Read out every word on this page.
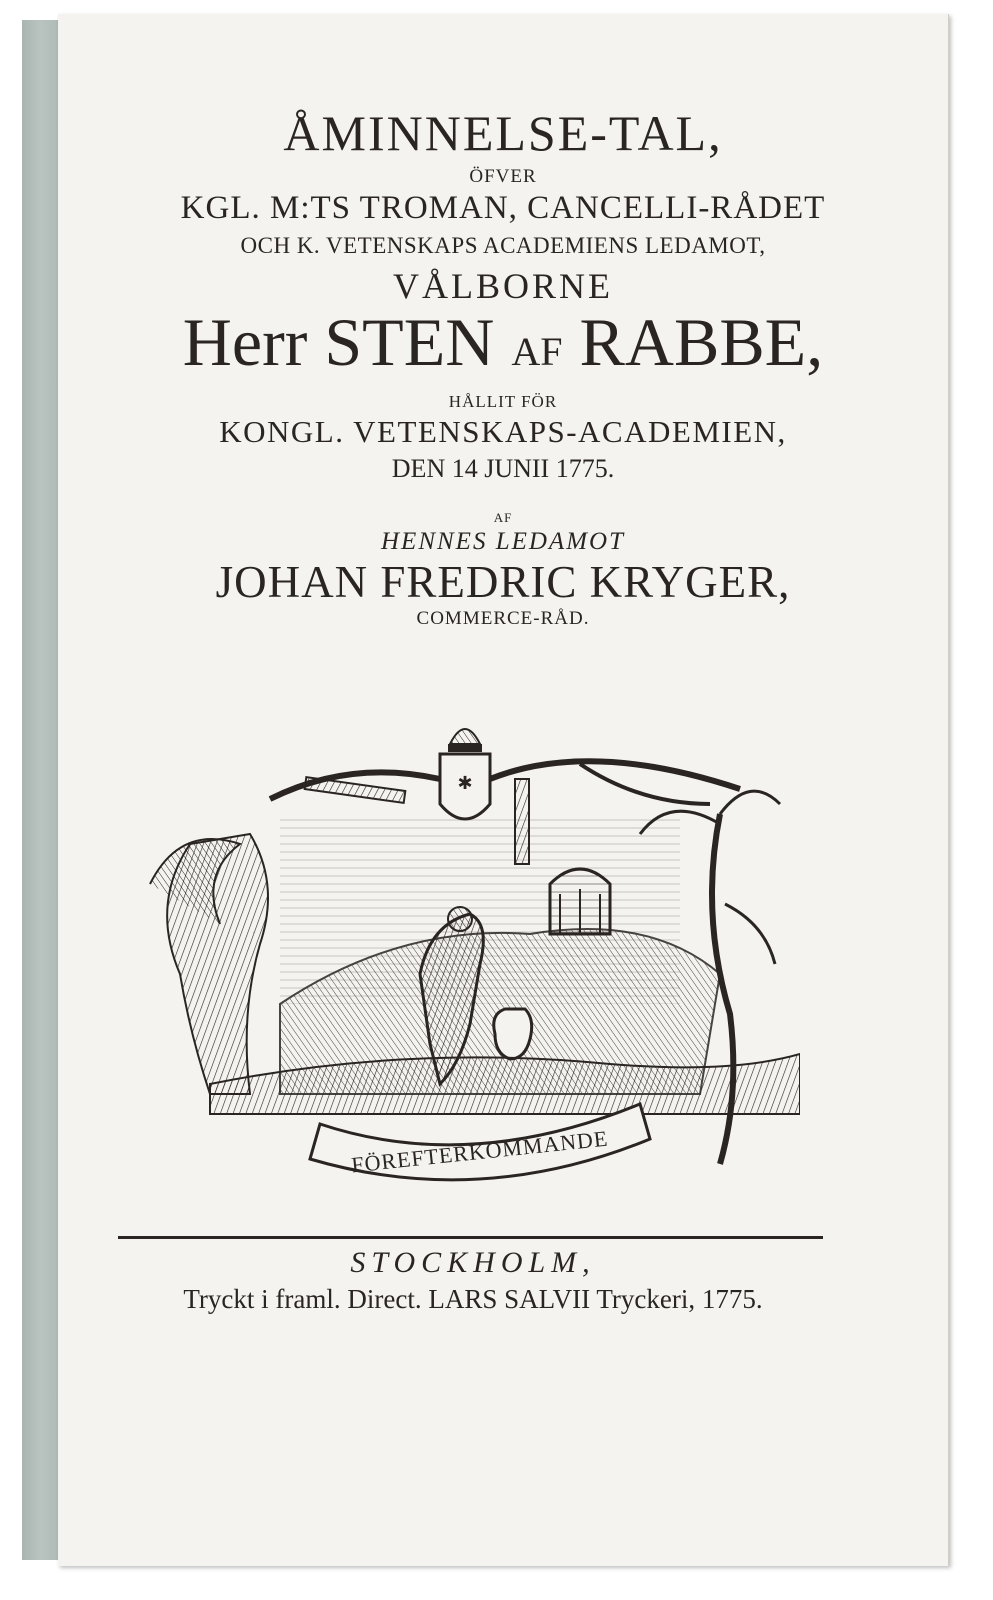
ÅMINNELSE-TAL,
ÖFVER
KGL. M:TS TROMAN, CANCELLI-RÅDET
OCH K. VETENSKAPS ACADEMIENS LEDAMOT,
VÅLBORNE
Herr STEN AF RABBE,
HÅLLIT FÖR
KONGL. VETENSKAPS-ACADEMIEN,
DEN 14 JUNII 1775.
AF
HENNES LEDAMOT
JOHAN FREDRIC KRYGER,
COMMERCE-RÅD.
✱
FÖREFTERKOMMANDE
STOCKHOLM,
Tryckt i framl. Direct. LARS SALVII Tryckeri, 1775.
